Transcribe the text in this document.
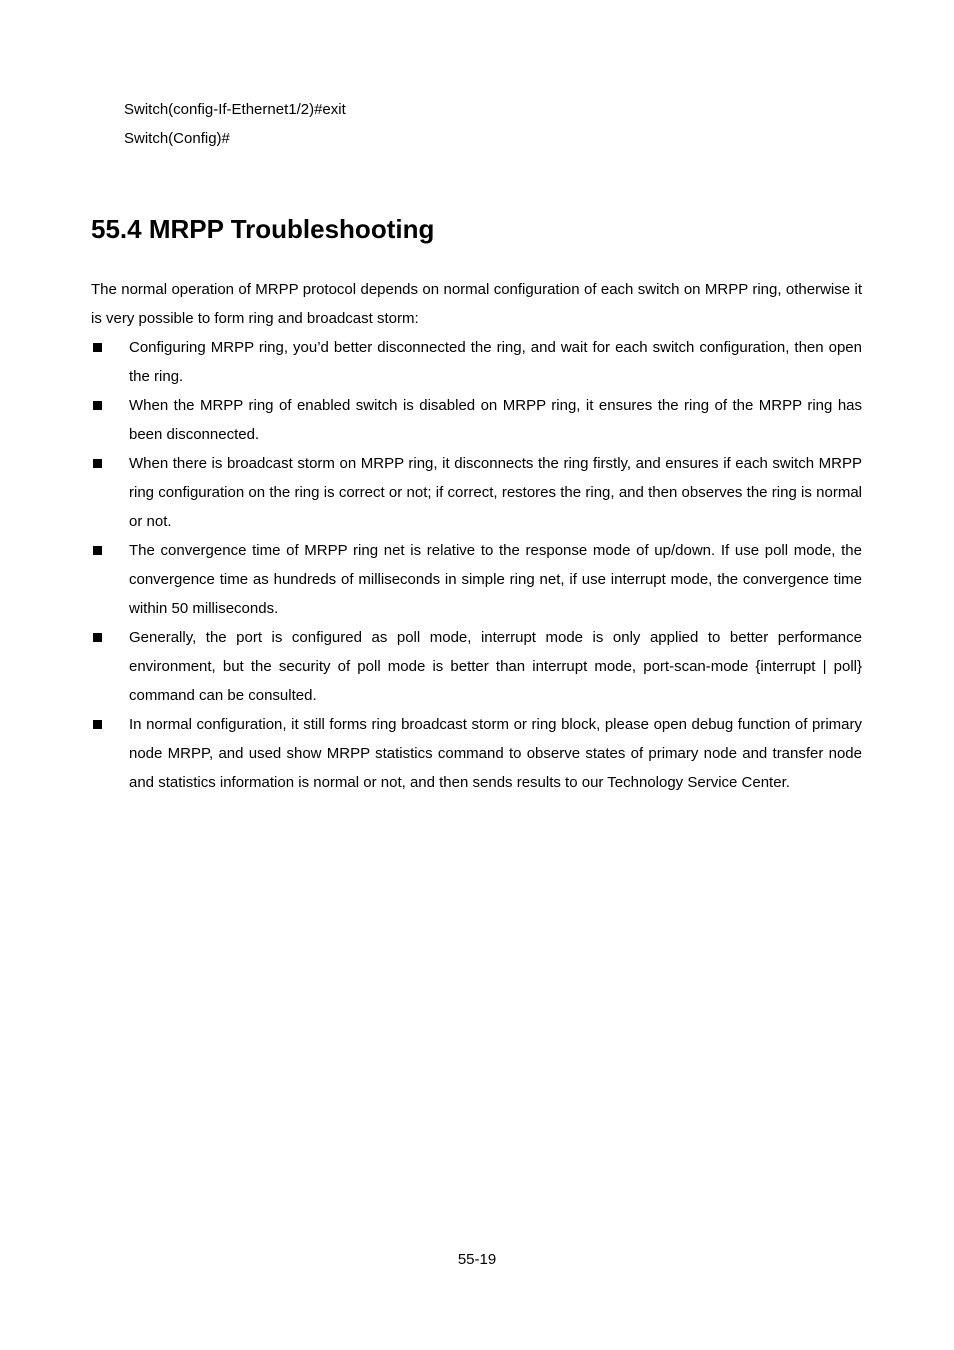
Switch(config-If-Ethernet1/2)#exit
Switch(Config)#
55.4 MRPP Troubleshooting

The normal operation of MRPP protocol depends on normal configuration of each switch on MRPP ring, otherwise it is very possible to form ring and broadcast storm:

Configuring MRPP ring, you’d better disconnected the ring, and wait for each switch configuration, then open the ring.
When the MRPP ring of enabled switch is disabled on MRPP ring, it ensures the ring of the MRPP ring has been disconnected.
When there is broadcast storm on MRPP ring, it disconnects the ring firstly, and ensures if each switch MRPP ring configuration on the ring is correct or not; if correct, restores the ring, and then observes the ring is normal or not.
The convergence time of MRPP ring net is relative to the response mode of up/down. If use poll mode, the convergence time as hundreds of milliseconds in simple ring net, if use interrupt mode, the convergence time within 50 milliseconds.
Generally, the port is configured as poll mode, interrupt mode is only applied to better performance environment, but the security of poll mode is better than interrupt mode, port-scan-mode {interrupt | poll} command can be consulted.
In normal configuration, it still forms ring broadcast storm or ring block, please open debug function of primary node MRPP, and used show MRPP statistics command to observe states of primary node and transfer node and statistics information is normal or not, and then sends results to our Technology Service Center.
55-19
